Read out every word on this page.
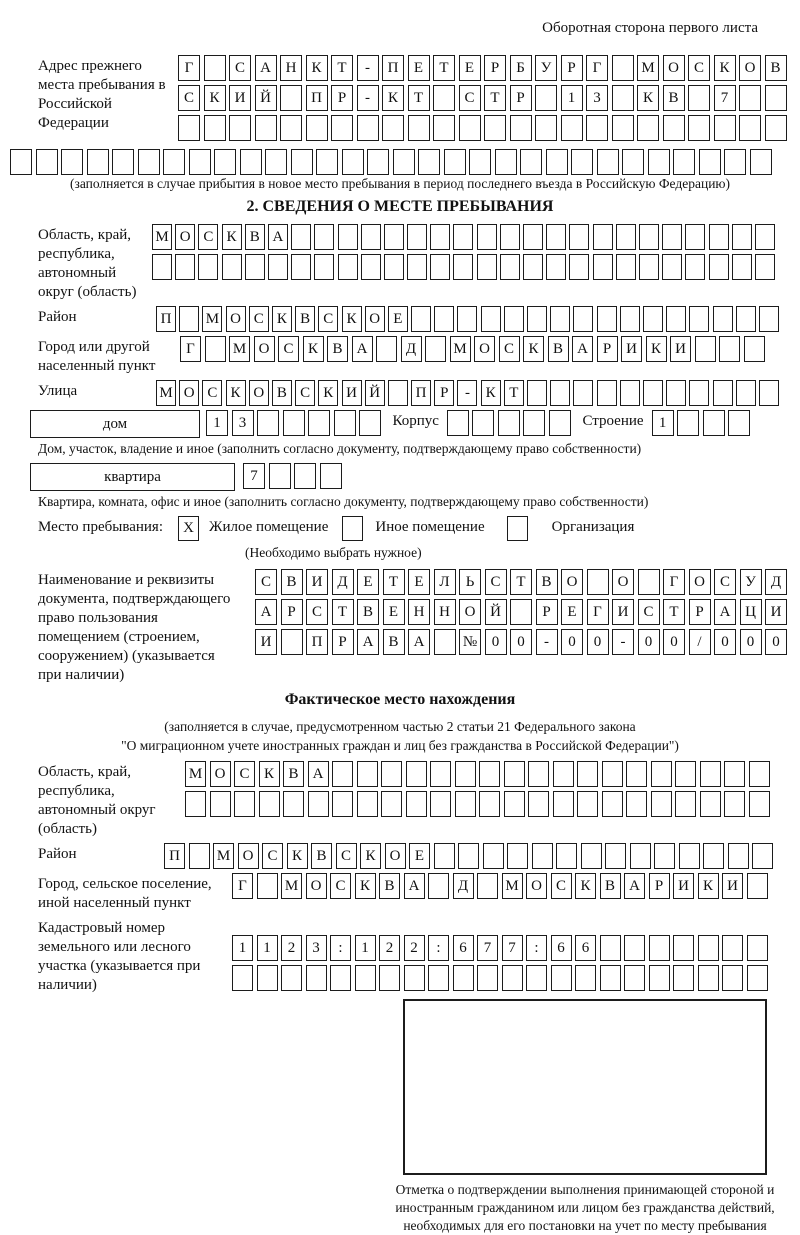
Оборотная сторона первого листа
Адрес прежнего места пребывания в Российской Федерации
Г	С	А Н	К	Т	-	П	Е	Т	Е	Р	Б	У	Р	Г	М О	С	К	О	В
С	К	И Й	П	Р	-	К	Т	С	Т	Р	1	3	К	В	7
(заполняется в случае прибытия в новое место пребывания в период последнего въезда в Российскую Федерацию)
2. СВЕДЕНИЯ О МЕСТЕ ПРЕБЫВАНИЯ
Область, край, республика, автономный округ (область)
М О С К В А
Район	П	М О С К В С К О Е
Город или другой населенный пункт
Г	М О С К В А	Д	М О С К В А Р И К И
Улица	М О С К О В С К И Й	П Р	-	К Т
дом	1	3	Корпус	Строение	1
Дом, участок, владение и иное (заполнить согласно документу, подтверждающему право собственности)
квартира	7
Квартира, комната, офис и иное (заполнить согласно документу, подтверждающему право собственности)
Место пребывания:	X	Жилое помещение	Иное помещение	Организация
(Необходимо выбрать нужное)
Наименование и реквизиты документа, подтверждающего право пользования помещением (строением, сооружением) (указывается при наличии)
С	В	И Д	Е	Т	Е	Л	Ь	С	Т	В	О	О	Г	О	С	У	Д
А	Р	С	Т	В	Е	Н Н О Й	Р	Е	Г	И	С	Т	Р	А Ц И
И	П	Р	А	В	А	№ 0	0	-	0	0	-	0	0	/	0	0	0
Фактическое место нахождения
(заполняется в случае, предусмотренном частью 2 статьи 21 Федерального закона
"О миграционном учете иностранных граждан и лиц без гражданства в Российской Федерации")
Область, край, республика, автономный округ (область)
М О С К В А
Район	П	М О С К В С К О Е
Город, сельское поселение, иной населенный пункт
Г	М О С К В А	Д	М О С К В А Р И К И
Кадастровый номер земельного или лесного участка (указывается при наличии)
1	1	2	3	:	1	2	2	:	6	7	7	:	6	6
Отметка о подтверждении выполнения принимающей стороной и иностранным гражданином или лицом без гражданства действий, необходимых для его постановки на учет по месту пребывания
